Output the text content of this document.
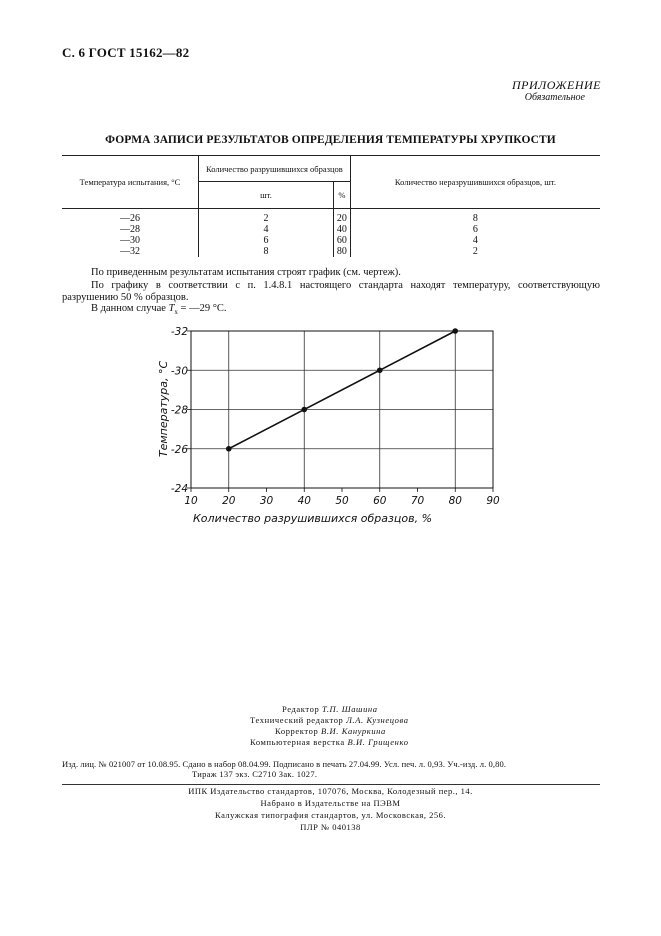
С. 6 ГОСТ 15162—82
ПРИЛОЖЕНИЕ
Обязательное
ФОРМА ЗАПИСИ РЕЗУЛЬТАТОВ ОПРЕДЕЛЕНИЯ ТЕМПЕРАТУРЫ ХРУПКОСТИ
Температура испытания, °С	Количество разрушившихся образцов		Количество неразрушившихся образцов, шт.
	шт.	%	
—26	2	20	8
—28	4	40	6
—30	6	60	4
—32	8	80	2
По приведенным результатам испытания строят график (см. чертеж).
По графику в соответствии с п. 1.4.8.1 настоящего стандарта находят температуру, соответствующую разрушению 50 % образцов.
В данном случае $Т_х$ = —29 °С.
10 20 30 40 50 60 70 80 90
-32
-30
-28
-26
-24
Количество разрушившихся образцов, %
Температура, °С
Редактор Т.П. Шашина
Технический редактор Л.А. Кузнецова
Корректор В.И. Кануркина
Компьютерная верстка В.И. Грищенко
Изд. лиц. № 021007 от 10.08.95. Сдано в набор 08.04.99. Подписано в печать 27.04.99. Усл. печ. л. 0,93. Уч.-изд. л. 0,80.
Тираж 137 экз. С2710 Зак. 1027.
ИПК Издательство стандартов, 107076, Москва, Колодезный пер., 14.
Набрано в Издательстве на ПЭВМ
Калужская типография стандартов, ул. Московская, 256.
ПЛР № 040138
